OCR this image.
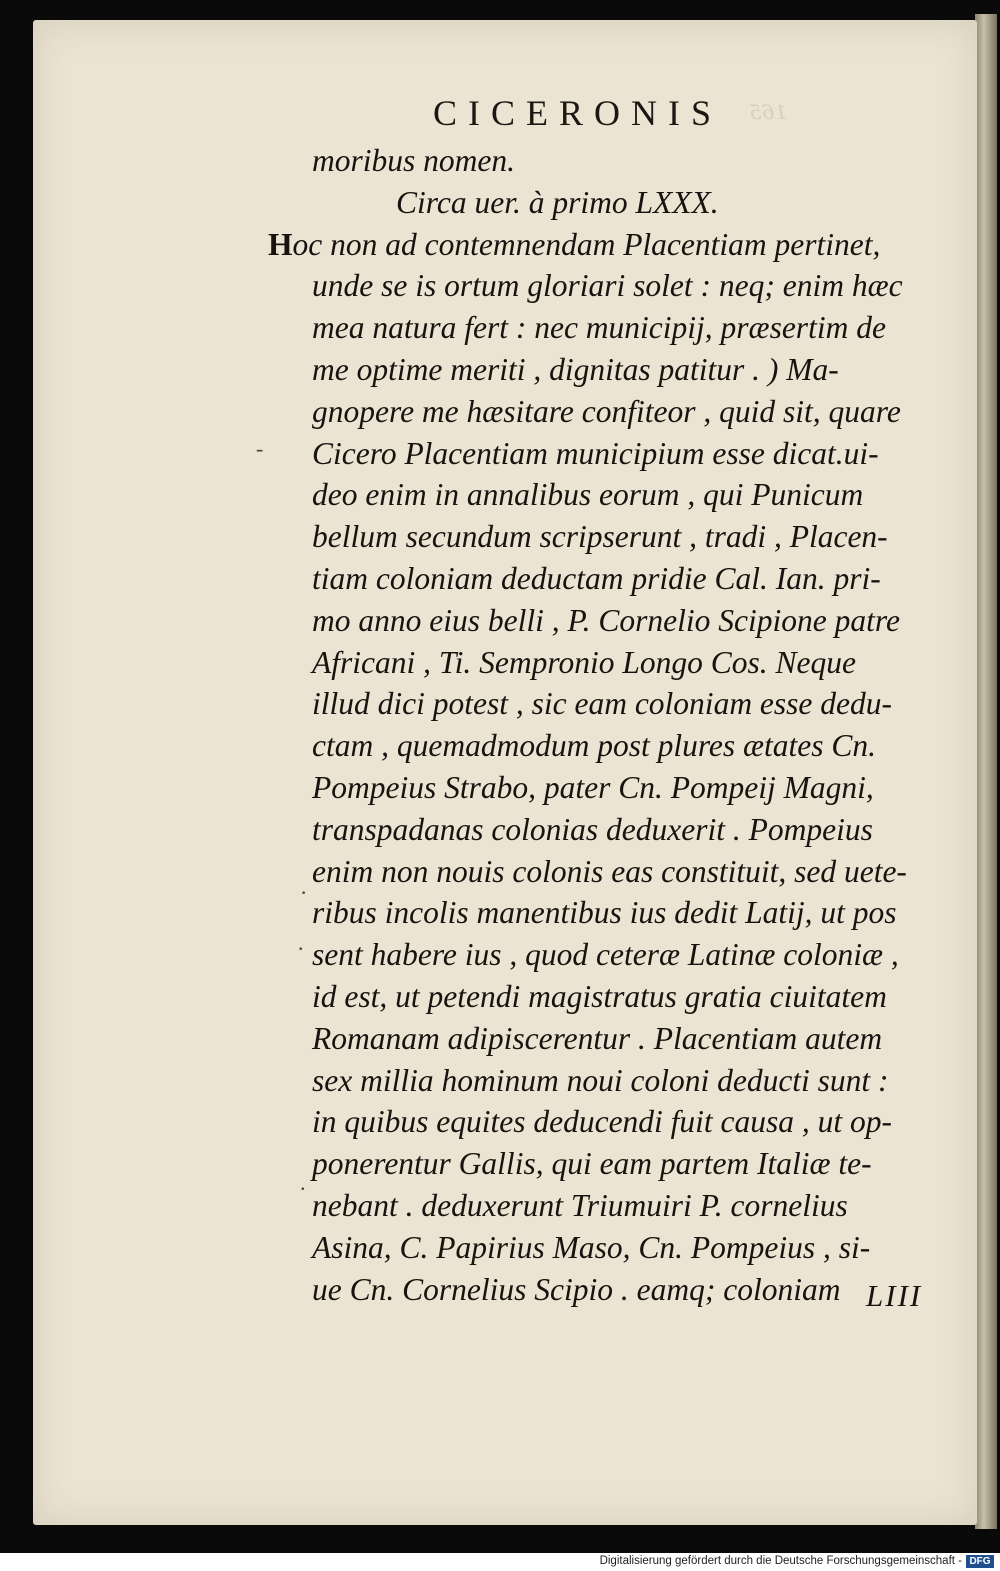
165
CICERONIS
moribus nomen.
Circa uer. à primo LXXX.
Hoc non ad contemnendam Placentiam pertinet,
unde se is ortum gloriari solet : neq; enim hæc
mea natura fert : nec municipij, præsertim de
me optime meriti , dignitas patitur . ) Ma-
gnopere me hæsitare confiteor , quid sit, quare
Cicero Placentiam municipium esse dicat.ui-
deo enim in annalibus eorum , qui Punicum
bellum secundum scripserunt , tradi , Placen-
tiam coloniam deductam pridie Cal. Ian. pri-
mo anno eius belli , P. Cornelio Scipione patre
Africani , Ti. Sempronio Longo Cos. Neque
illud dici potest , sic eam coloniam esse dedu-
ctam , quemadmodum post plures ætates Cn.
Pompeius Strabo, pater Cn. Pompeij Magni,
transpadanas colonias deduxerit . Pompeius
enim non nouis colonis eas constituit, sed uete-
ribus incolis manentibus ius dedit Latij, ut pos
sent habere ius , quod ceteræ Latinæ coloniæ ,
id est, ut petendi magistratus gratia ciuitatem
Romanam adipiscerentur . Placentiam autem
sex millia hominum noui coloni deducti sunt :
in quibus equites deducendi fuit causa , ut op-
ponerentur Gallis, qui eam partem Italiæ te-
nebant . deduxerunt Triumuiri P. cornelius
Asina, C. Papirius Maso, Cn. Pompeius , si-
ue Cn. Cornelius Scipio . eamq; coloniam LIII
-
·
.
.
Digitalisierung gefördert durch die Deutsche Forschungsgemeinschaft - DFG
